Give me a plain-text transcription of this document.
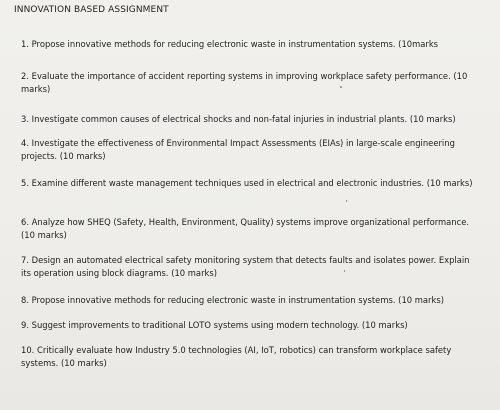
INNOVATION BASED ASSIGNMENT
1. Propose innovative methods for reducing electronic waste in instrumentation systems. (10marks
2. Evaluate the importance of accident reporting systems in improving workplace safety performance. (10 marks)
3. Investigate common causes of electrical shocks and non-fatal injuries in industrial plants. (10 marks)
4. Investigate the effectiveness of Environmental Impact Assessments (EIAs) in large-scale engineering projects. (10 marks)
5. Examine different waste management techniques used in electrical and electronic industries. (10 marks)
6. Analyze how SHEQ (Safety, Health, Environment, Quality) systems improve organizational performance. (10 marks)
7. Design an automated electrical safety monitoring system that detects faults and isolates power. Explain its operation using block diagrams. (10 marks)
8. Propose innovative methods for reducing electronic waste in instrumentation systems. (10 marks)
9. Suggest improvements to traditional LOTO systems using modern technology. (10 marks)
10. Critically evaluate how Industry 5.0 technologies (AI, IoT, robotics) can transform workplace safety systems. (10 marks)
